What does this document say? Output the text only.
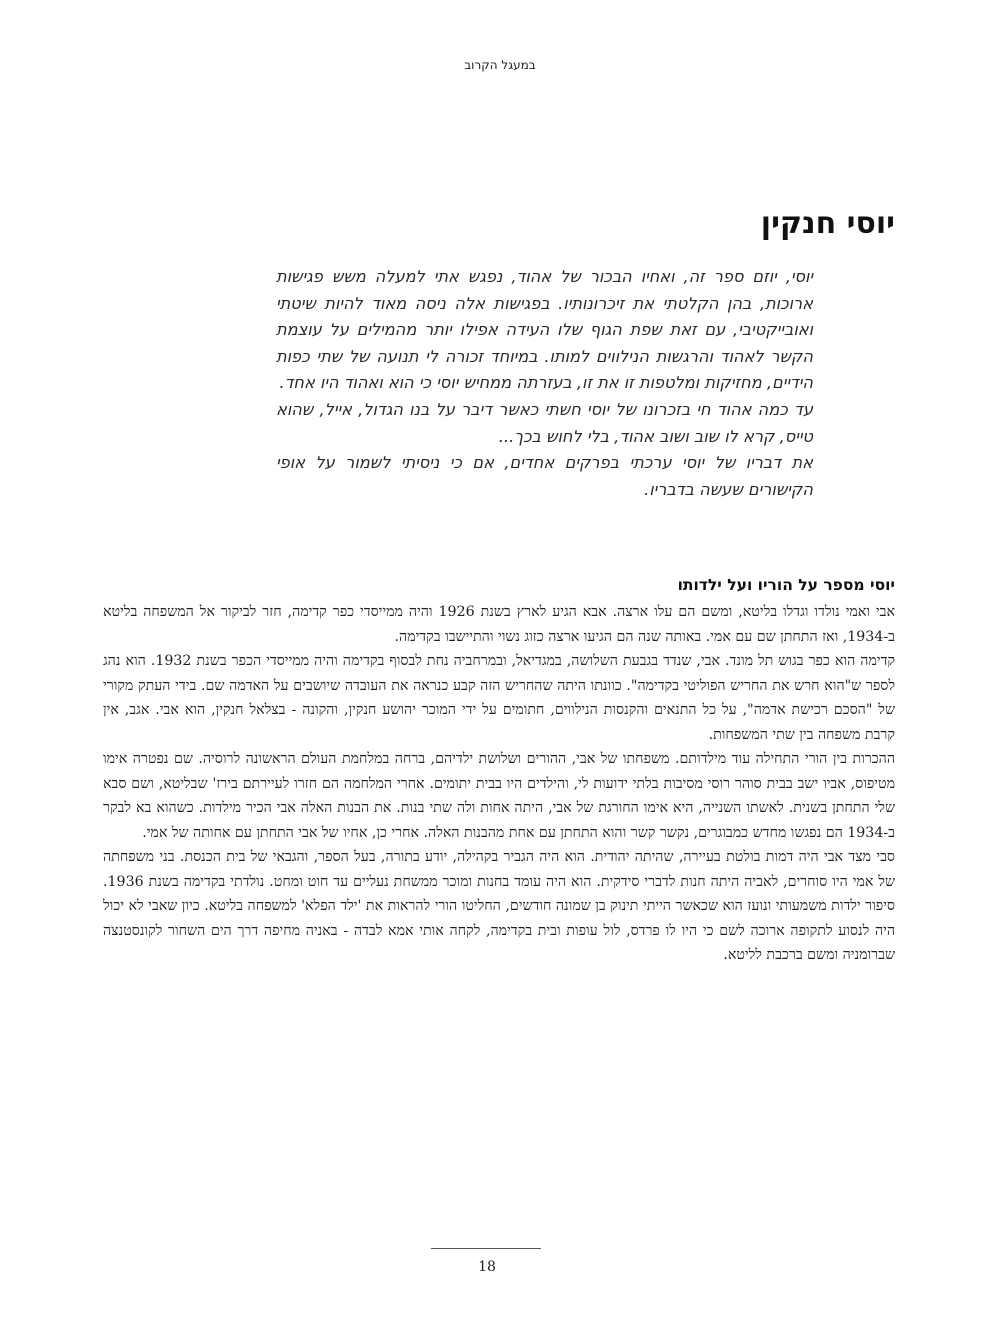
במעגל הקרוב
יוסי חנקין

יוסי, יוזם ספר זה, ואחיו הבכור של אהוד, נפגש אתי למעלה משש פגישות ארוכות, בהן הקלטתי את זיכרונותיו. בפגישות אלה ניסה מאוד להיות שיטתי ואובייקטיבי, עם זאת שפת הגוף שלו העידה אפילו יותר מהמילים על עוצמת הקשר לאהוד והרגשות הנילווים למותו. במיוחד זכורה לי תנועה של שתי כפות הידיים, מחזיקות ומלטפות זו את זו, בעזרתה ממחיש יוסי כי הוא ואהוד היו אחד.

עד כמה אהוד חי בזכרונו של יוסי חשתי כאשר דיבר על בנו הגדול, אייל, שהוא טייס, קרא לו שוב ושוב אהוד, בלי לחוש בכך...

את דבריו של יוסי ערכתי בפרקים אחדים, אם כי ניסיתי לשמור על אופי הקישורים שעשה בדבריו.

יוסי מספר על הוריו ועל ילדותו

אבי ואמי נולדו וגדלו בליטא, ומשם הם עלו ארצה. אבא הגיע לארץ בשנת 1926 והיה ממייסדי כפר קדימה, חזר לביקור אל המשפחה בליטא ב-1934, ואז התחתן שם עם אמי. באותה שנה הם הגיעו ארצה כזוג נשוי והתיישבו בקדימה.

קדימה הוא כפר בגוש תל מונד. אבי, שנדד בגבעת השלושה, במגדיאל, ובמרחביה נחת לבסוף בקדימה והיה ממייסדי הכפר בשנת 1932. הוא נהג לספר ש"הוא חרש את החריש הפוליטי בקדימה". כוונתו היתה שהחריש הזה קבע כנראה את העובדה שיושבים על האדמה שם. בידי העתק מקורי של "הסכם רכישת אדמה", על כל התנאים והקנסות הנילווים, חתומים על ידי המוכר יהושע חנקין, והקונה - בצלאל חנקין, הוא אבי. אגב, אין קרבת משפחה בין שתי המשפחות.

ההכרות בין הורי התחילה עוד מילדותם. משפחתו של אבי, ההורים ושלושת ילדיהם, ברחה במלחמת העולם הראשונה לרוסיה. שם נפטרה אימו מטיפוס, אביו ישב בבית סוהר רוסי מסיבות בלתי ידועות לי, והילדים היו בבית יתומים. אחרי המלחמה הם חזרו לעיירתם בירז' שבליטא, ושם סבא שלי התחתן בשנית. לאשתו השנייה, היא אימו החורגת של אבי, היתה אחות ולה שתי בנות. את הבנות האלה אבי הכיר מילדות. כשהוא בא לבקר ב-1934 הם נפגשו מחדש כמבוגרים, נקשר קשר והוא התחתן עם אחת מהבנות האלה. אחרי כן, אחיו של אבי התחתן עם אחותה של אמי.

סבי מצד אבי היה דמות בולטת בעיירה, שהיתה יהודית. הוא היה הגביר בקהילה, יודע בתורה, בעל הספר, והגבאי של בית הכנסת. בני משפחתה של אמי היו סוחרים, לאביה היתה חנות לדברי סידקית. הוא היה עומד בחנות ומוכר ממשחת נעליים עד חוט ומחט. נולדתי בקדימה בשנת 1936. סיפור ילדות משמעותי ונועז הוא שכאשר הייתי תינוק בן שמונה חודשים, החליטו הורי להראות את 'ילד הפלא' למשפחה בליטא. כיון שאבי לא יכול היה לנסוע לתקופה ארוכה לשם כי היו לו פרדס, לול עופות ובית בקדימה, לקחה אותי אמא לבדה - באניה מחיפה דרך הים השחור לקונסטנצה שברומניה ומשם ברכבת לליטא.

18
